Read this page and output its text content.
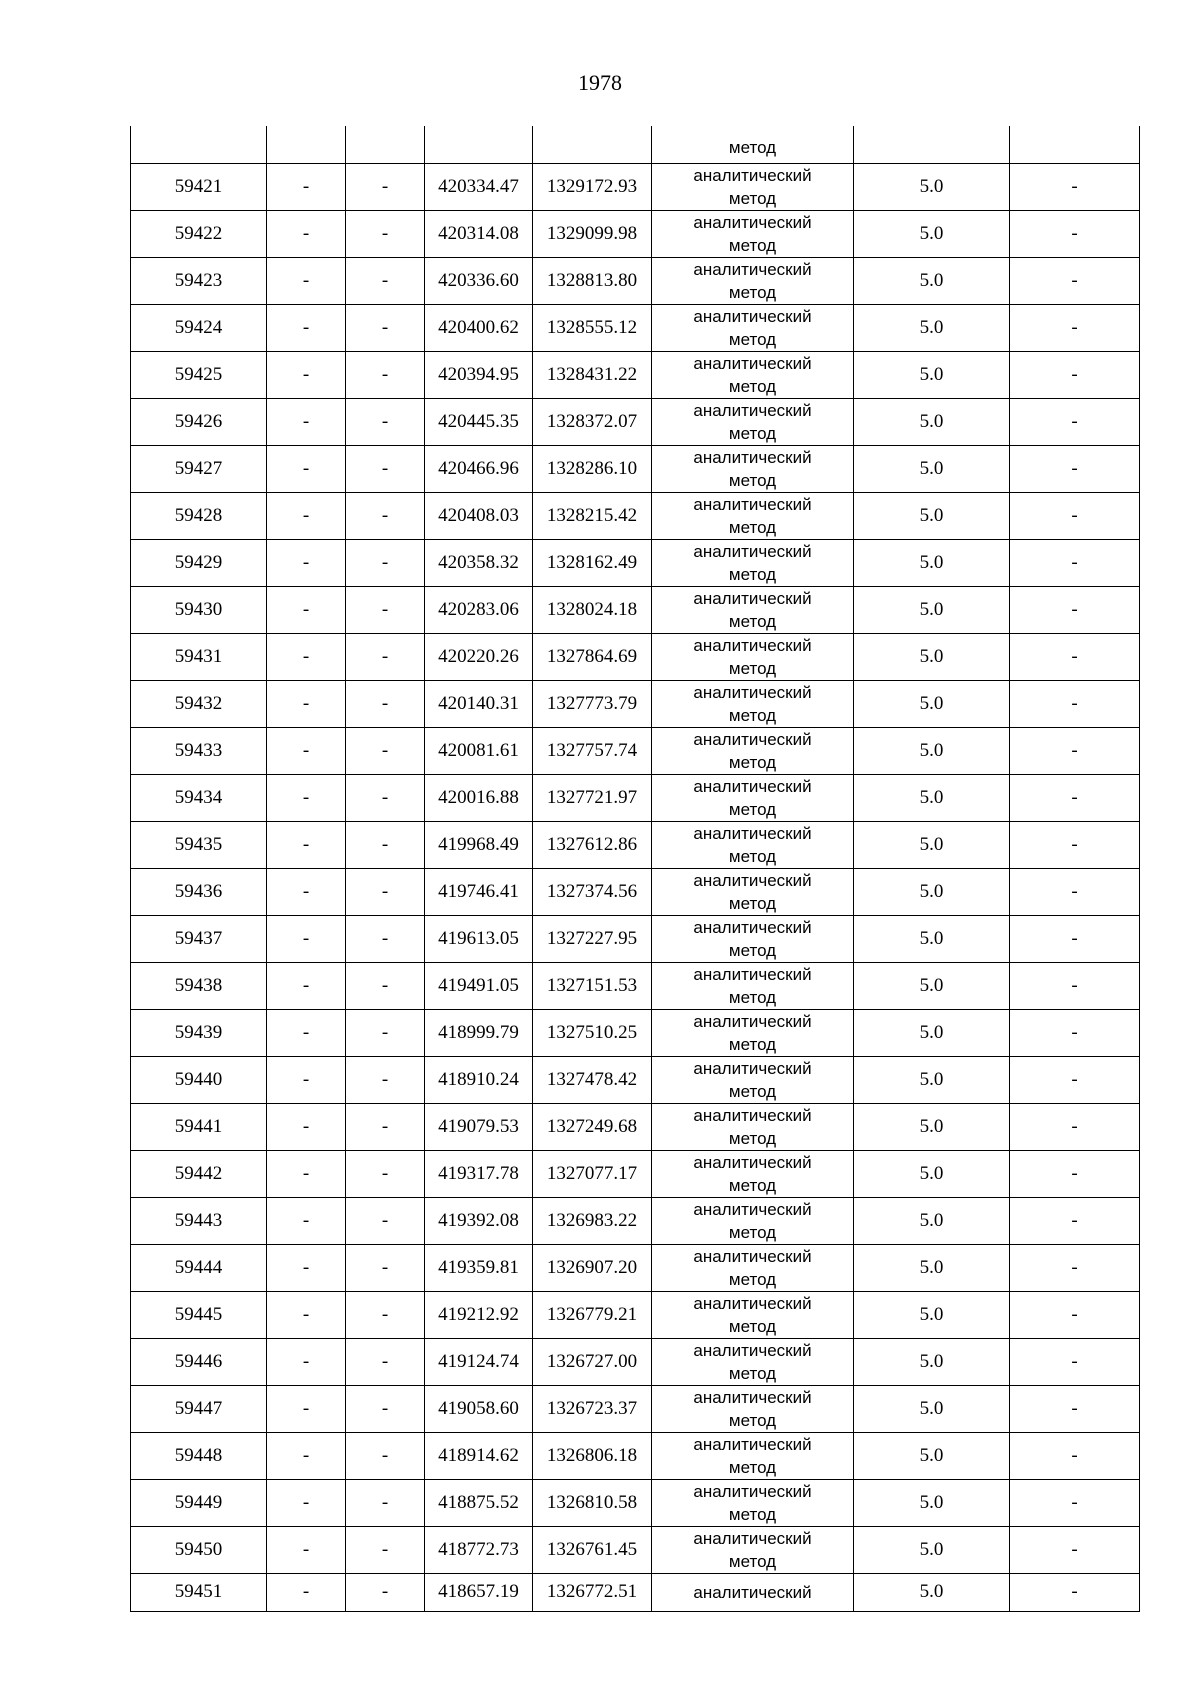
1978

					метод		

59421	-	-	420334.47	1329172.93	аналитический
метод	5.0	-
59422	-	-	420314.08	1329099.98	аналитический
метод	5.0	-
59423	-	-	420336.60	1328813.80	аналитический
метод	5.0	-
59424	-	-	420400.62	1328555.12	аналитический
метод	5.0	-
59425	-	-	420394.95	1328431.22	аналитический
метод	5.0	-
59426	-	-	420445.35	1328372.07	аналитический
метод	5.0	-
59427	-	-	420466.96	1328286.10	аналитический
метод	5.0	-
59428	-	-	420408.03	1328215.42	аналитический
метод	5.0	-
59429	-	-	420358.32	1328162.49	аналитический
метод	5.0	-
59430	-	-	420283.06	1328024.18	аналитический
метод	5.0	-
59431	-	-	420220.26	1327864.69	аналитический
метод	5.0	-
59432	-	-	420140.31	1327773.79	аналитический
метод	5.0	-
59433	-	-	420081.61	1327757.74	аналитический
метод	5.0	-
59434	-	-	420016.88	1327721.97	аналитический
метод	5.0	-
59435	-	-	419968.49	1327612.86	аналитический
метод	5.0	-
59436	-	-	419746.41	1327374.56	аналитический
метод	5.0	-
59437	-	-	419613.05	1327227.95	аналитический
метод	5.0	-
59438	-	-	419491.05	1327151.53	аналитический
метод	5.0	-
59439	-	-	418999.79	1327510.25	аналитический
метод	5.0	-
59440	-	-	418910.24	1327478.42	аналитический
метод	5.0	-
59441	-	-	419079.53	1327249.68	аналитический
метод	5.0	-
59442	-	-	419317.78	1327077.17	аналитический
метод	5.0	-
59443	-	-	419392.08	1326983.22	аналитический
метод	5.0	-
59444	-	-	419359.81	1326907.20	аналитический
метод	5.0	-
59445	-	-	419212.92	1326779.21	аналитический
метод	5.0	-
59446	-	-	419124.74	1326727.00	аналитический
метод	5.0	-
59447	-	-	419058.60	1326723.37	аналитический
метод	5.0	-
59448	-	-	418914.62	1326806.18	аналитический
метод	5.0	-
59449	-	-	418875.52	1326810.58	аналитический
метод	5.0	-
59450	-	-	418772.73	1326761.45	аналитический
метод	5.0	-
59451	-	-	418657.19	1326772.51	аналитический	5.0	-
